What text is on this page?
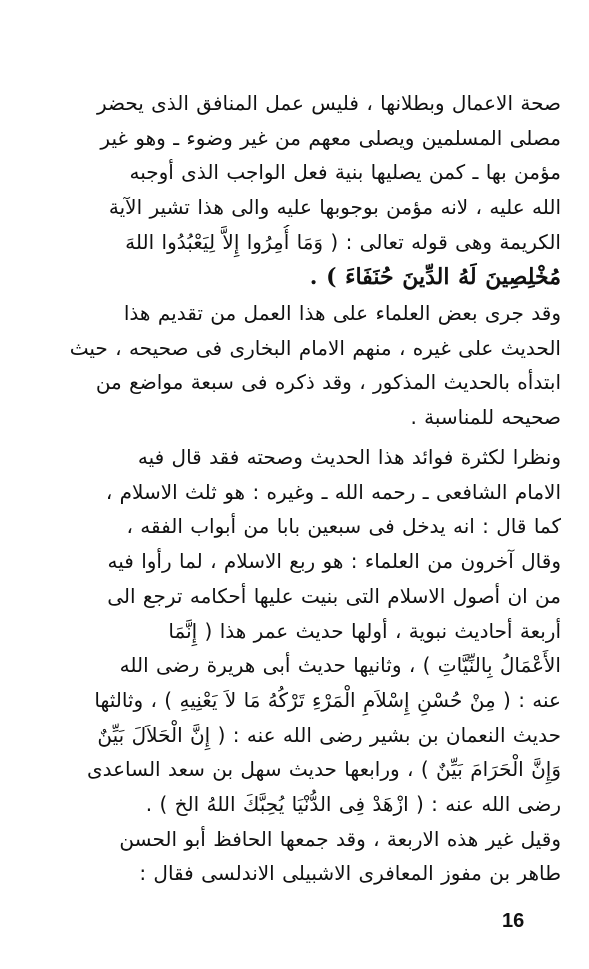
صحة الاعمال وبطلانها ، فليس عمل المنافق الذى يحضر
مصلى المسلمين ويصلى معهم من غير وضوء ـ وهو غير
مؤمن بها ـ كمن يصليها بنية فعل الواجب الذى أوجبه
الله عليه ، لانه مؤمن بوجوبها عليه والى هذا تشير الآية
الكريمة وهى قوله تعالى : ( وَمَا أُمِرُوا إِلاَّ لِيَعْبُدُوا اللهَ
مُخْلِصِينَ لَهُ الدِّينَ حُنَفَاءَ ) .
وقد جرى بعض العلماء على هذا العمل من تقديم هذا
الحديث على غيره ، منهم الامام البخارى فى صحيحه ، حيث
ابتدأه بالحديث المذكور ، وقد ذكره فى سبعة مواضع من
صحيحه للمناسبة .
ونظرا لكثرة فوائد هذا الحديث وصحته فقد قال فيه
الامام الشافعى ـ رحمه الله ـ وغيره : هو ثلث الاسلام ،
كما قال : انه يدخل فى سبعين بابا من أبواب الفقه ،
وقال آخرون من العلماء : هو ربع الاسلام ، لما رأوا فيه
من ان أصول الاسلام التى بنيت عليها أحكامه ترجع الى
أربعة أحاديث نبوية ، أولها حديث عمر هذا ( إِنَّمَا
الأَعْمَالُ بِالنِّيَّاتِ ) ، وثانيها حديث أبى هريرة رضى الله
عنه : ( مِنْ حُسْنِ إِسْلاَمِ الْمَرْءِ تَرْكُهُ مَا لاَ يَعْنِيهِ ) ، وثالثها
حديث النعمان بن بشير رضى الله عنه : ( إِنَّ الْحَلاَلَ بَيِّنٌ
وَإِنَّ الْحَرَامَ بَيِّنٌ ) ، ورابعها حديث سهل بن سعد الساعدى
رضى الله عنه : ( ازْهَدْ فِى الدُّنْيَا يُحِبَّكَ اللهُ الخ ) .
وقيل غير هذه الاربعة ، وقد جمعها الحافظ أبو الحسن
طاهر بن مفوز المعافرى الاشبيلى الاندلسى فقال :
16
